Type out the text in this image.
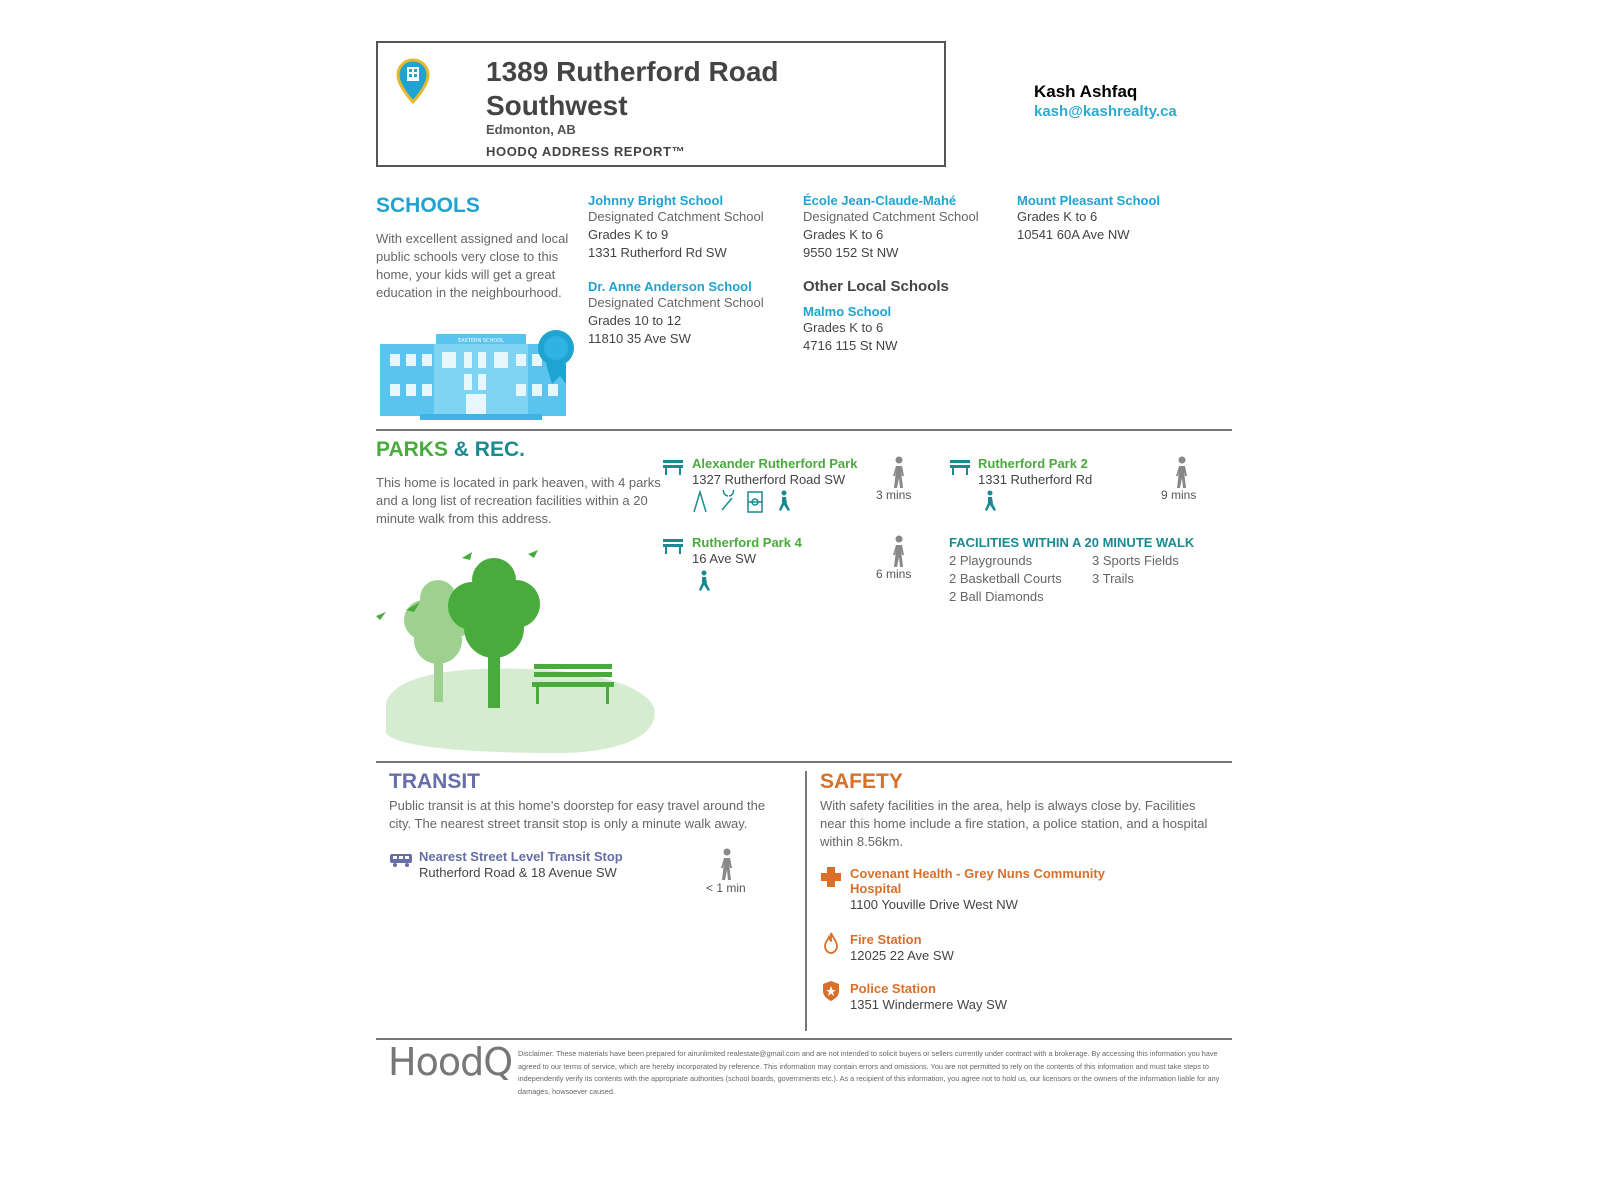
1389 Rutherford Road
Southwest
Edmonton, AB
HOODQ ADDRESS REPORT™
Kash Ashfaq
kash@kashrealty.ca
SCHOOLS
With excellent assigned and local public schools very close to this home, your kids will get a great education in the neighbourhood.
EASTERN SCHOOL
Johnny Bright School
Designated Catchment School
Grades K to 9
1331 Rutherford Rd SW
Dr. Anne Anderson School
Designated Catchment School
Grades 10 to 12
11810 35 Ave SW
École Jean-Claude-Mahé
Designated Catchment School
Grades K to 6
9550 152 St NW
Other Local Schools
Malmo School
Grades K to 6
4716 115 St NW
Mount Pleasant School
Grades K to 6
10541 60A Ave NW
PARKS & REC.
This home is located in park heaven, with 4 parks and a long list of recreation facilities within a 20 minute walk from this address.
Alexander Rutherford Park
1327 Rutherford Road SW
3 mins
Rutherford Park 2
1331 Rutherford Rd
9 mins
Rutherford Park 4
16 Ave SW
6 mins
FACILITIES WITHIN A 20 MINUTE WALK
2 Playgrounds	3 Sports Fields
2 Basketball Courts 3 Trails
2 Ball Diamonds
TRANSIT
Public transit is at this home's doorstep for easy travel around the city. The nearest street transit stop is only a minute walk away.
Nearest Street Level Transit Stop
Rutherford Road & 18 Avenue SW
< 1 min
SAFETY
With safety facilities in the area, help is always close by. Facilities near this home include a fire station, a police station, and a hospital within 8.56km.
Covenant Health - Grey Nuns Community Hospital
1100 Youville Drive West NW
Fire Station
12025 22 Ave SW
Police Station
1351 Windermere Way SW
HoodQ Disclaimer: These materials have been prepared for airunlimited realestate@gmail.com and are not intended to solicit buyers or sellers currently under contract with a brokerage. By accessing this information you have agreed to our terms of service, which are hereby incorporated by reference. This information may contain errors and omissions. You are not permitted to rely on the contents of this information and must take steps to independently verify its contents with the appropriate authorities (school boards, governments etc.). As a recipient of this information, you agree not to hold us, our licensors or the owners of the information liable for any damages, howsoever caused.
